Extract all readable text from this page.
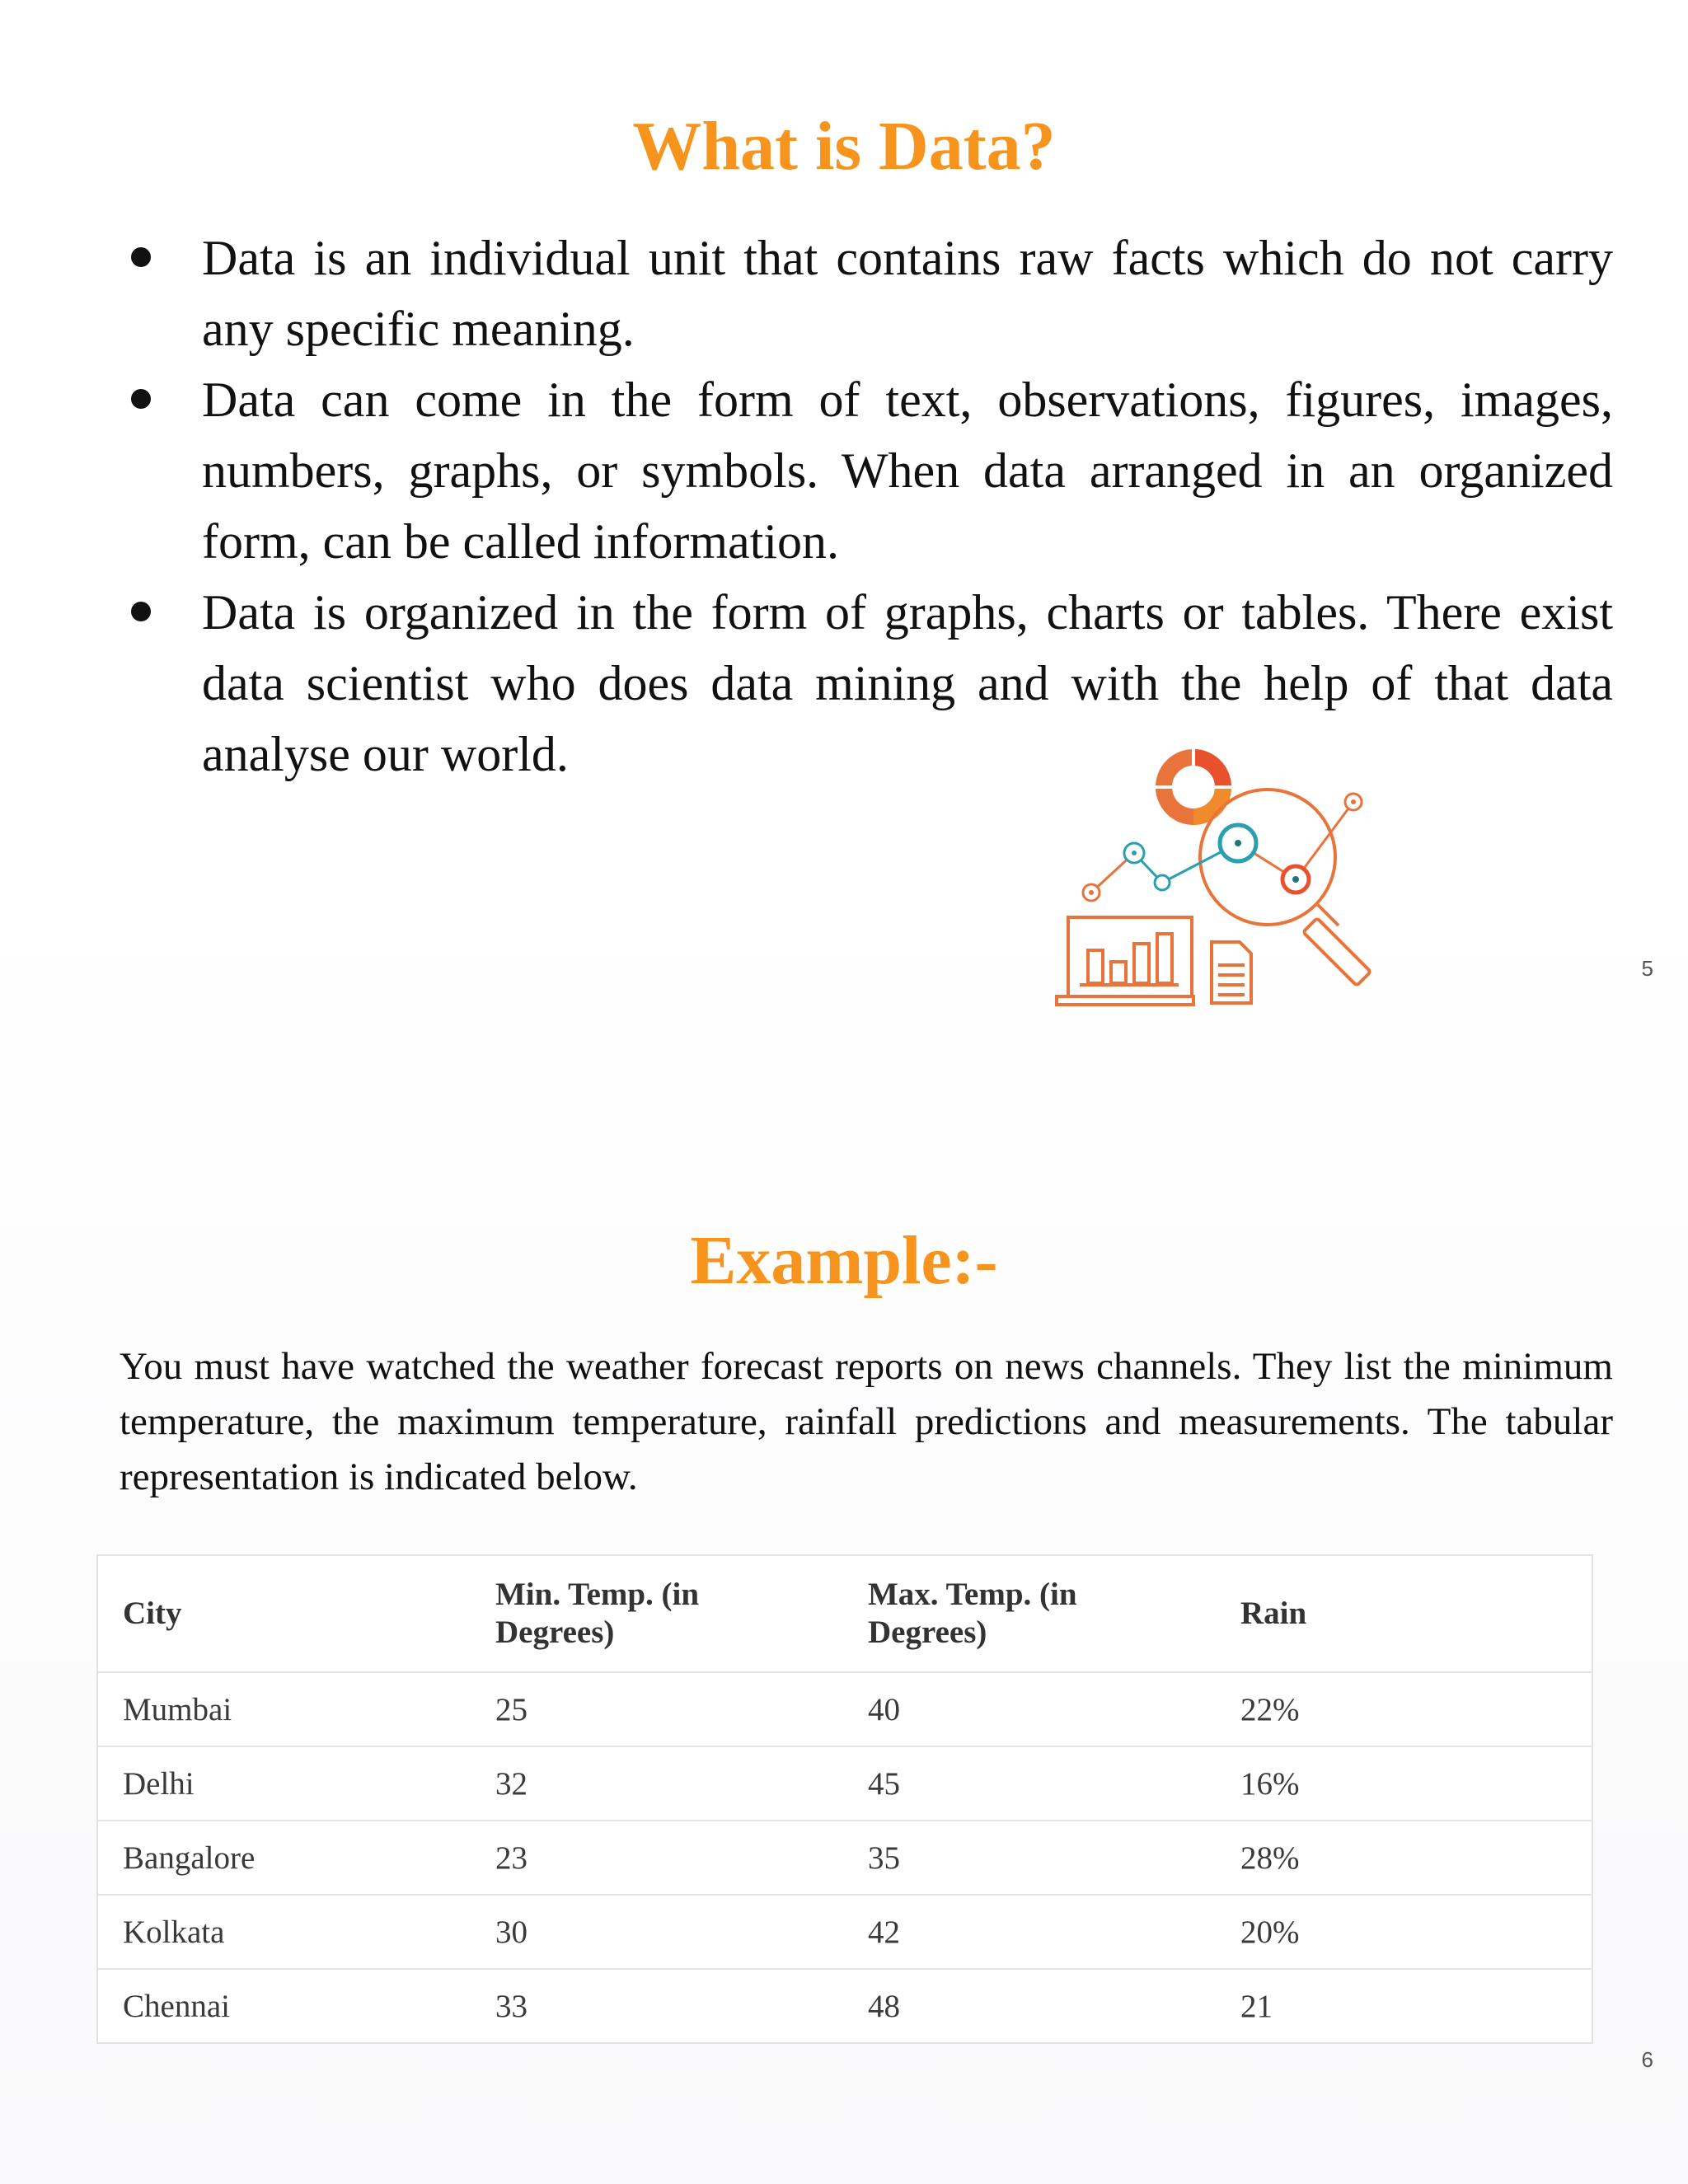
What is Data?
Data is an individual unit that contains raw facts which do not carry any specific meaning.
Data can come in the form of text, observations, figures, images, numbers, graphs, or symbols. When data arranged in an organized form, can be called information.
Data is organized in the form of graphs, charts or tables. There exist data scientist who does data mining and with the help of that data analyse our world.
5
Example:-

You must have watched the weather forecast reports on news channels. They list the minimum temperature, the maximum temperature, rainfall predictions and measurements. The tabular representation is indicated below.

City	Min. Temp. (in Degrees)	Max. Temp. (in Degrees)	Rain
Mumbai	25	40	22%
Delhi	32	45	16%
Bangalore	23	35	28%
Kolkata	30	42	20%
Chennai	33	48	21
6
